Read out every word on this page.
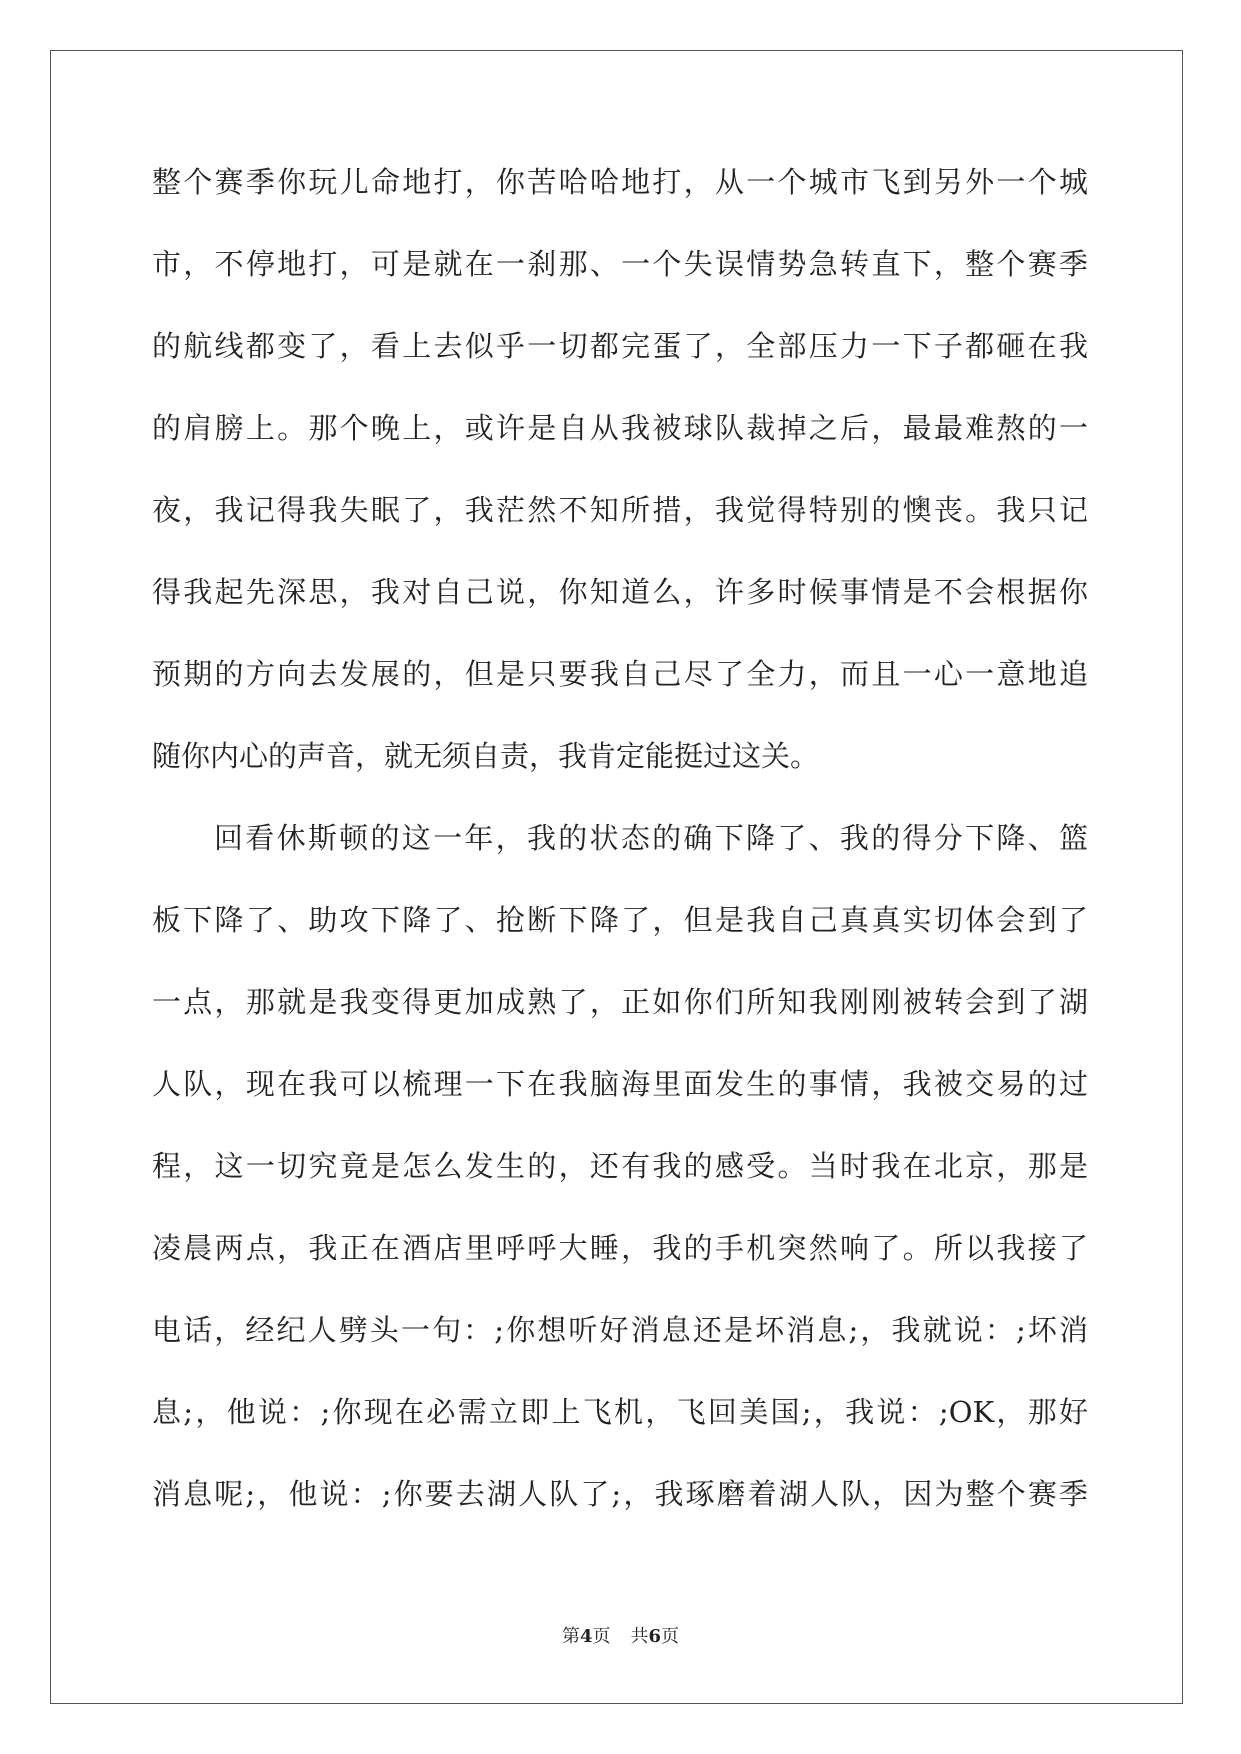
整个赛季你玩儿命地打，你苦哈哈地打，从一个城市飞到另外一个城
市，不停地打，可是就在一刹那、一个失误情势急转直下，整个赛季
的航线都变了，看上去似乎一切都完蛋了，全部压力一下子都砸在我
的肩膀上。那个晚上，或许是自从我被球队裁掉之后，最最难熬的一
夜，我记得我失眠了，我茫然不知所措，我觉得特别的懊丧。我只记
得我起先深思，我对自己说，你知道么，许多时候事情是不会根据你
预期的方向去发展的，但是只要我自己尽了全力，而且一心一意地追
随你内心的声音，就无须自责，我肯定能挺过这关。
回看休斯顿的这一年，我的状态的确下降了、我的得分下降、篮
板下降了、助攻下降了、抢断下降了，但是我自己真真实切体会到了
一点，那就是我变得更加成熟了，正如你们所知我刚刚被转会到了湖
人队，现在我可以梳理一下在我脑海里面发生的事情，我被交易的过
程，这一切究竟是怎么发生的，还有我的感受。当时我在北京，那是
凌晨两点，我正在酒店里呼呼大睡，我的手机突然响了。所以我接了
电话，经纪人劈头一句：;你想听好消息还是坏消息;，我就说：;坏消
息;，他说：;你现在必需立即上飞机，飞回美国;，我说：;OK，那好
消息呢;，他说：;你要去湖人队了;，我琢磨着湖人队，因为整个赛季
第4页 共6页
